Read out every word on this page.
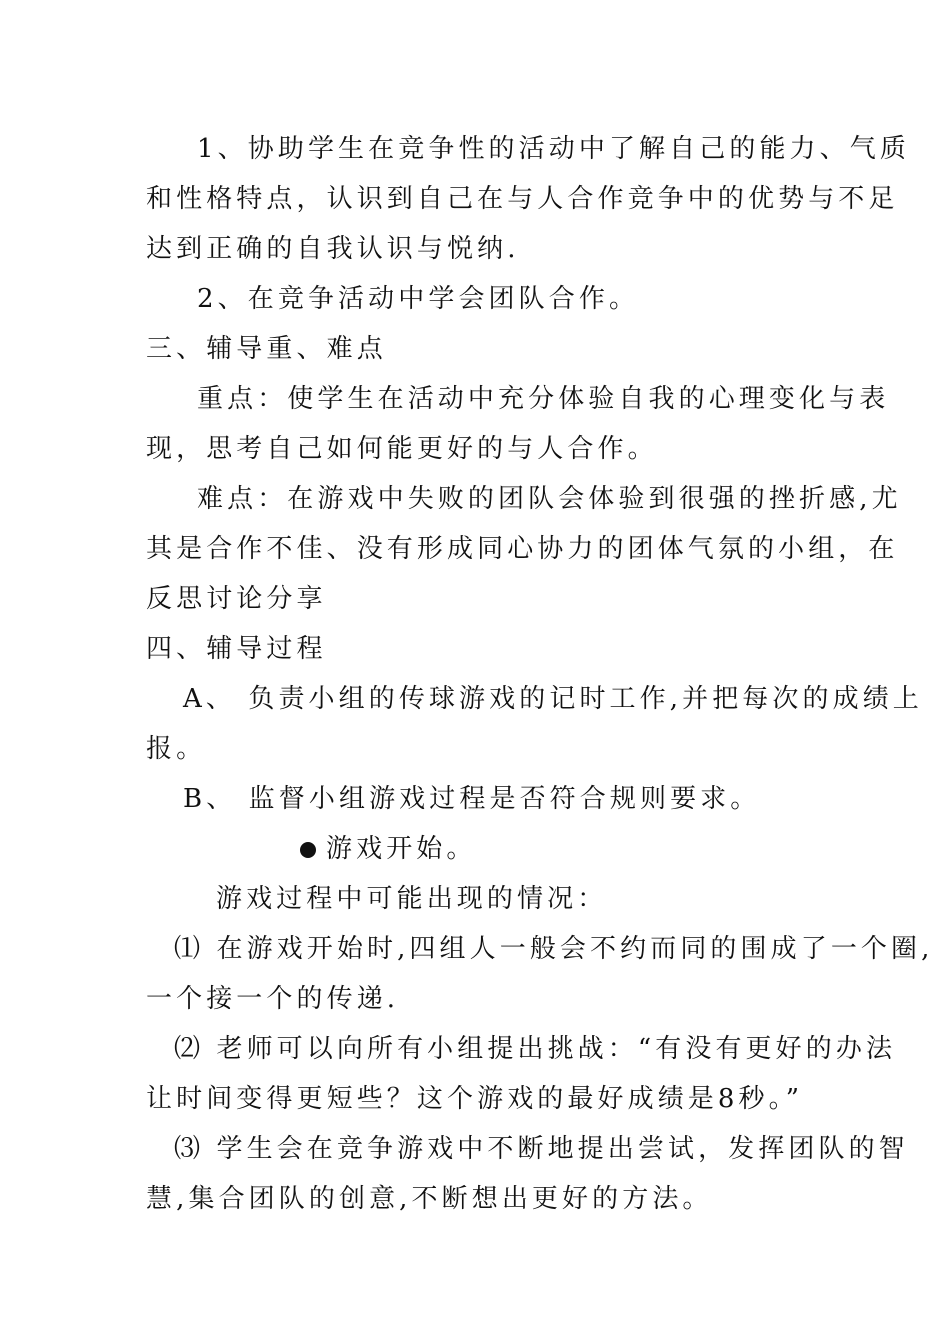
1、协助学生在竞争性的活动中了解自己的能力、气质
和性格特点，认识到自己在与人合作竞争中的优势与不足
达到正确的自我认识与悦纳.
2、在竞争活动中学会团队合作。
三、辅导重、难点
重点：使学生在活动中充分体验自我的心理变化与表
现，思考自己如何能更好的与人合作。
难点：在游戏中失败的团队会体验到很强的挫折感,尤
其是合作不佳、没有形成同心协力的团体气氛的小组，在
反思讨论分享
四、辅导过程
A、 负责小组的传球游戏的记时工作,并把每次的成绩上
报。
B、 监督小组游戏过程是否符合规则要求。
游戏开始。
游戏过程中可能出现的情况：
⑴ 在游戏开始时,四组人一般会不约而同的围成了一个圈,
一个接一个的传递.
⑵ 老师可以向所有小组提出挑战：“有没有更好的办法
让时间变得更短些？这个游戏的最好成绩是8秒。”
⑶ 学生会在竞争游戏中不断地提出尝试，发挥团队的智
慧,集合团队的创意,不断想出更好的方法。
